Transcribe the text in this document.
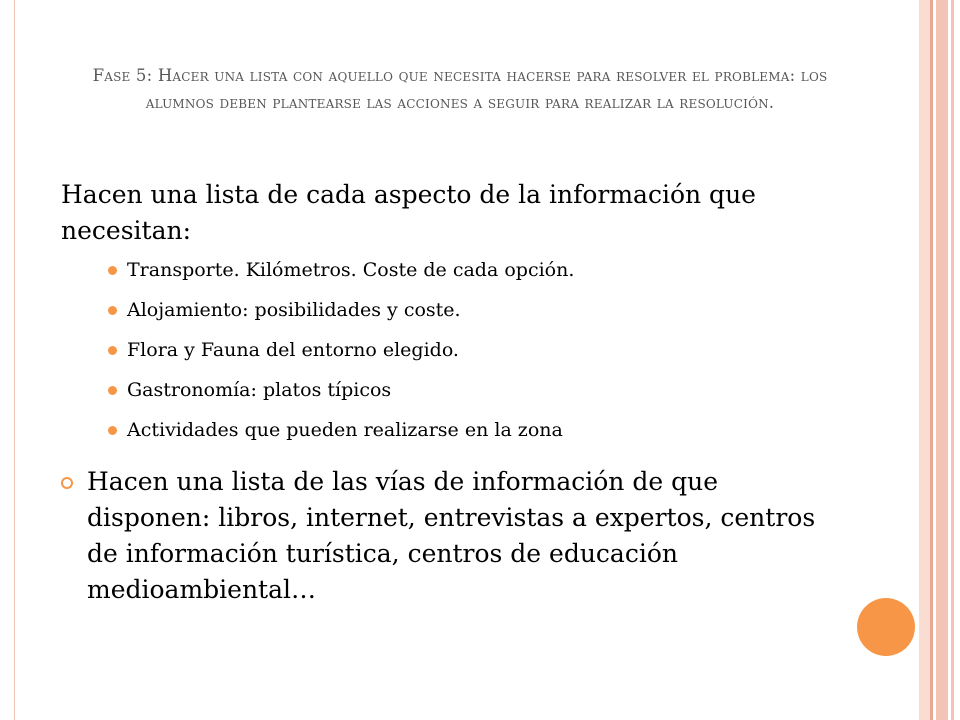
Fase 5: Hacer una lista con aquello que necesita hacerse para resolver el problema: los alumnos deben plantearse las acciones a seguir para realizar la resolución.
Hacen una lista de cada aspecto de la información que necesitan:
Transporte. Kilómetros. Coste de cada opción.
Alojamiento: posibilidades y coste.
Flora y Fauna del entorno elegido.
Gastronomía: platos típicos
Actividades que pueden realizarse en la zona
Hacen una lista de las vías de información de que disponen: libros, internet, entrevistas a expertos, centros de información turística, centros de educación medioambiental…
